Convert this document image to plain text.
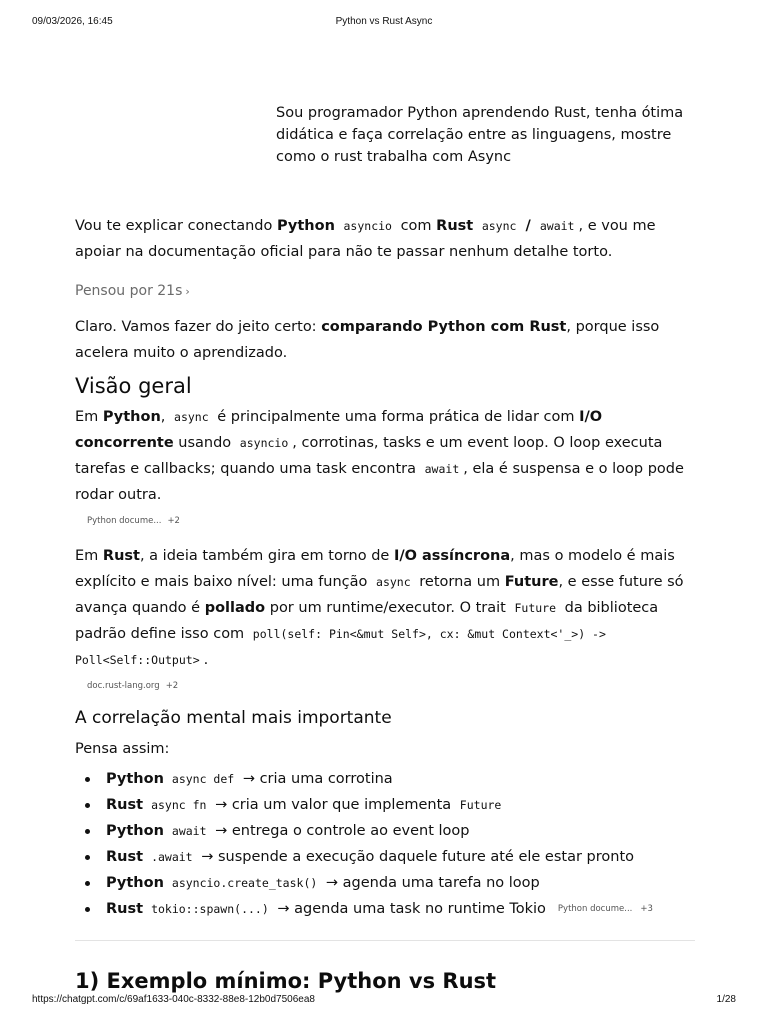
09/03/2026, 16:45	Python vs Rust Async
Sou programador Python aprendendo Rust, tenha ótima didática e faça correlação entre as linguagens, mostre como o rust trabalha com Async

Vou te explicar conectando Python asyncio com Rust async / await , e vou me apoiar na documentação oficial para não te passar nenhum detalhe torto.

Pensou por 21s ›

Claro. Vamos fazer do jeito certo: comparando Python com Rust, porque isso acelera muito o aprendizado.

Visão geral

Em Python, async é principalmente uma forma prática de lidar com I/O concorrente usando asyncio , corrotinas, tasks e um event loop. O loop executa tarefas e callbacks; quando uma task encontra await , ela é suspensa e o loop pode rodar outra.

Python docume... +2

Em Rust, a ideia também gira em torno de I/O assíncrona, mas o modelo é mais explícito e mais baixo nível: uma função async retorna um Future, e esse future só avança quando é pollado por um runtime/executor. O trait Future da biblioteca padrão define isso com poll(self: Pin<&mut Self>, cx: &mut Context<'_>) -> Poll<Self::Output> .

doc.rust-lang.org +2
A correlação mental mais importante

Pensa assim:

Python async def → cria uma corrotina
Rust async fn → cria um valor que implementa Future
Python await → entrega o controle ao event loop
Rust .await → suspende a execução daquele future até ele estar pronto
Python asyncio.create_task() → agenda uma tarefa no loop
Rust tokio::spawn(...) → agenda uma task no runtime Tokio Python docume... +3
1) Exemplo mínimo: Python vs Rust
https://chatgpt.com/c/69af1633-040c-8332-88e8-12b0d7506ea8	1/28
